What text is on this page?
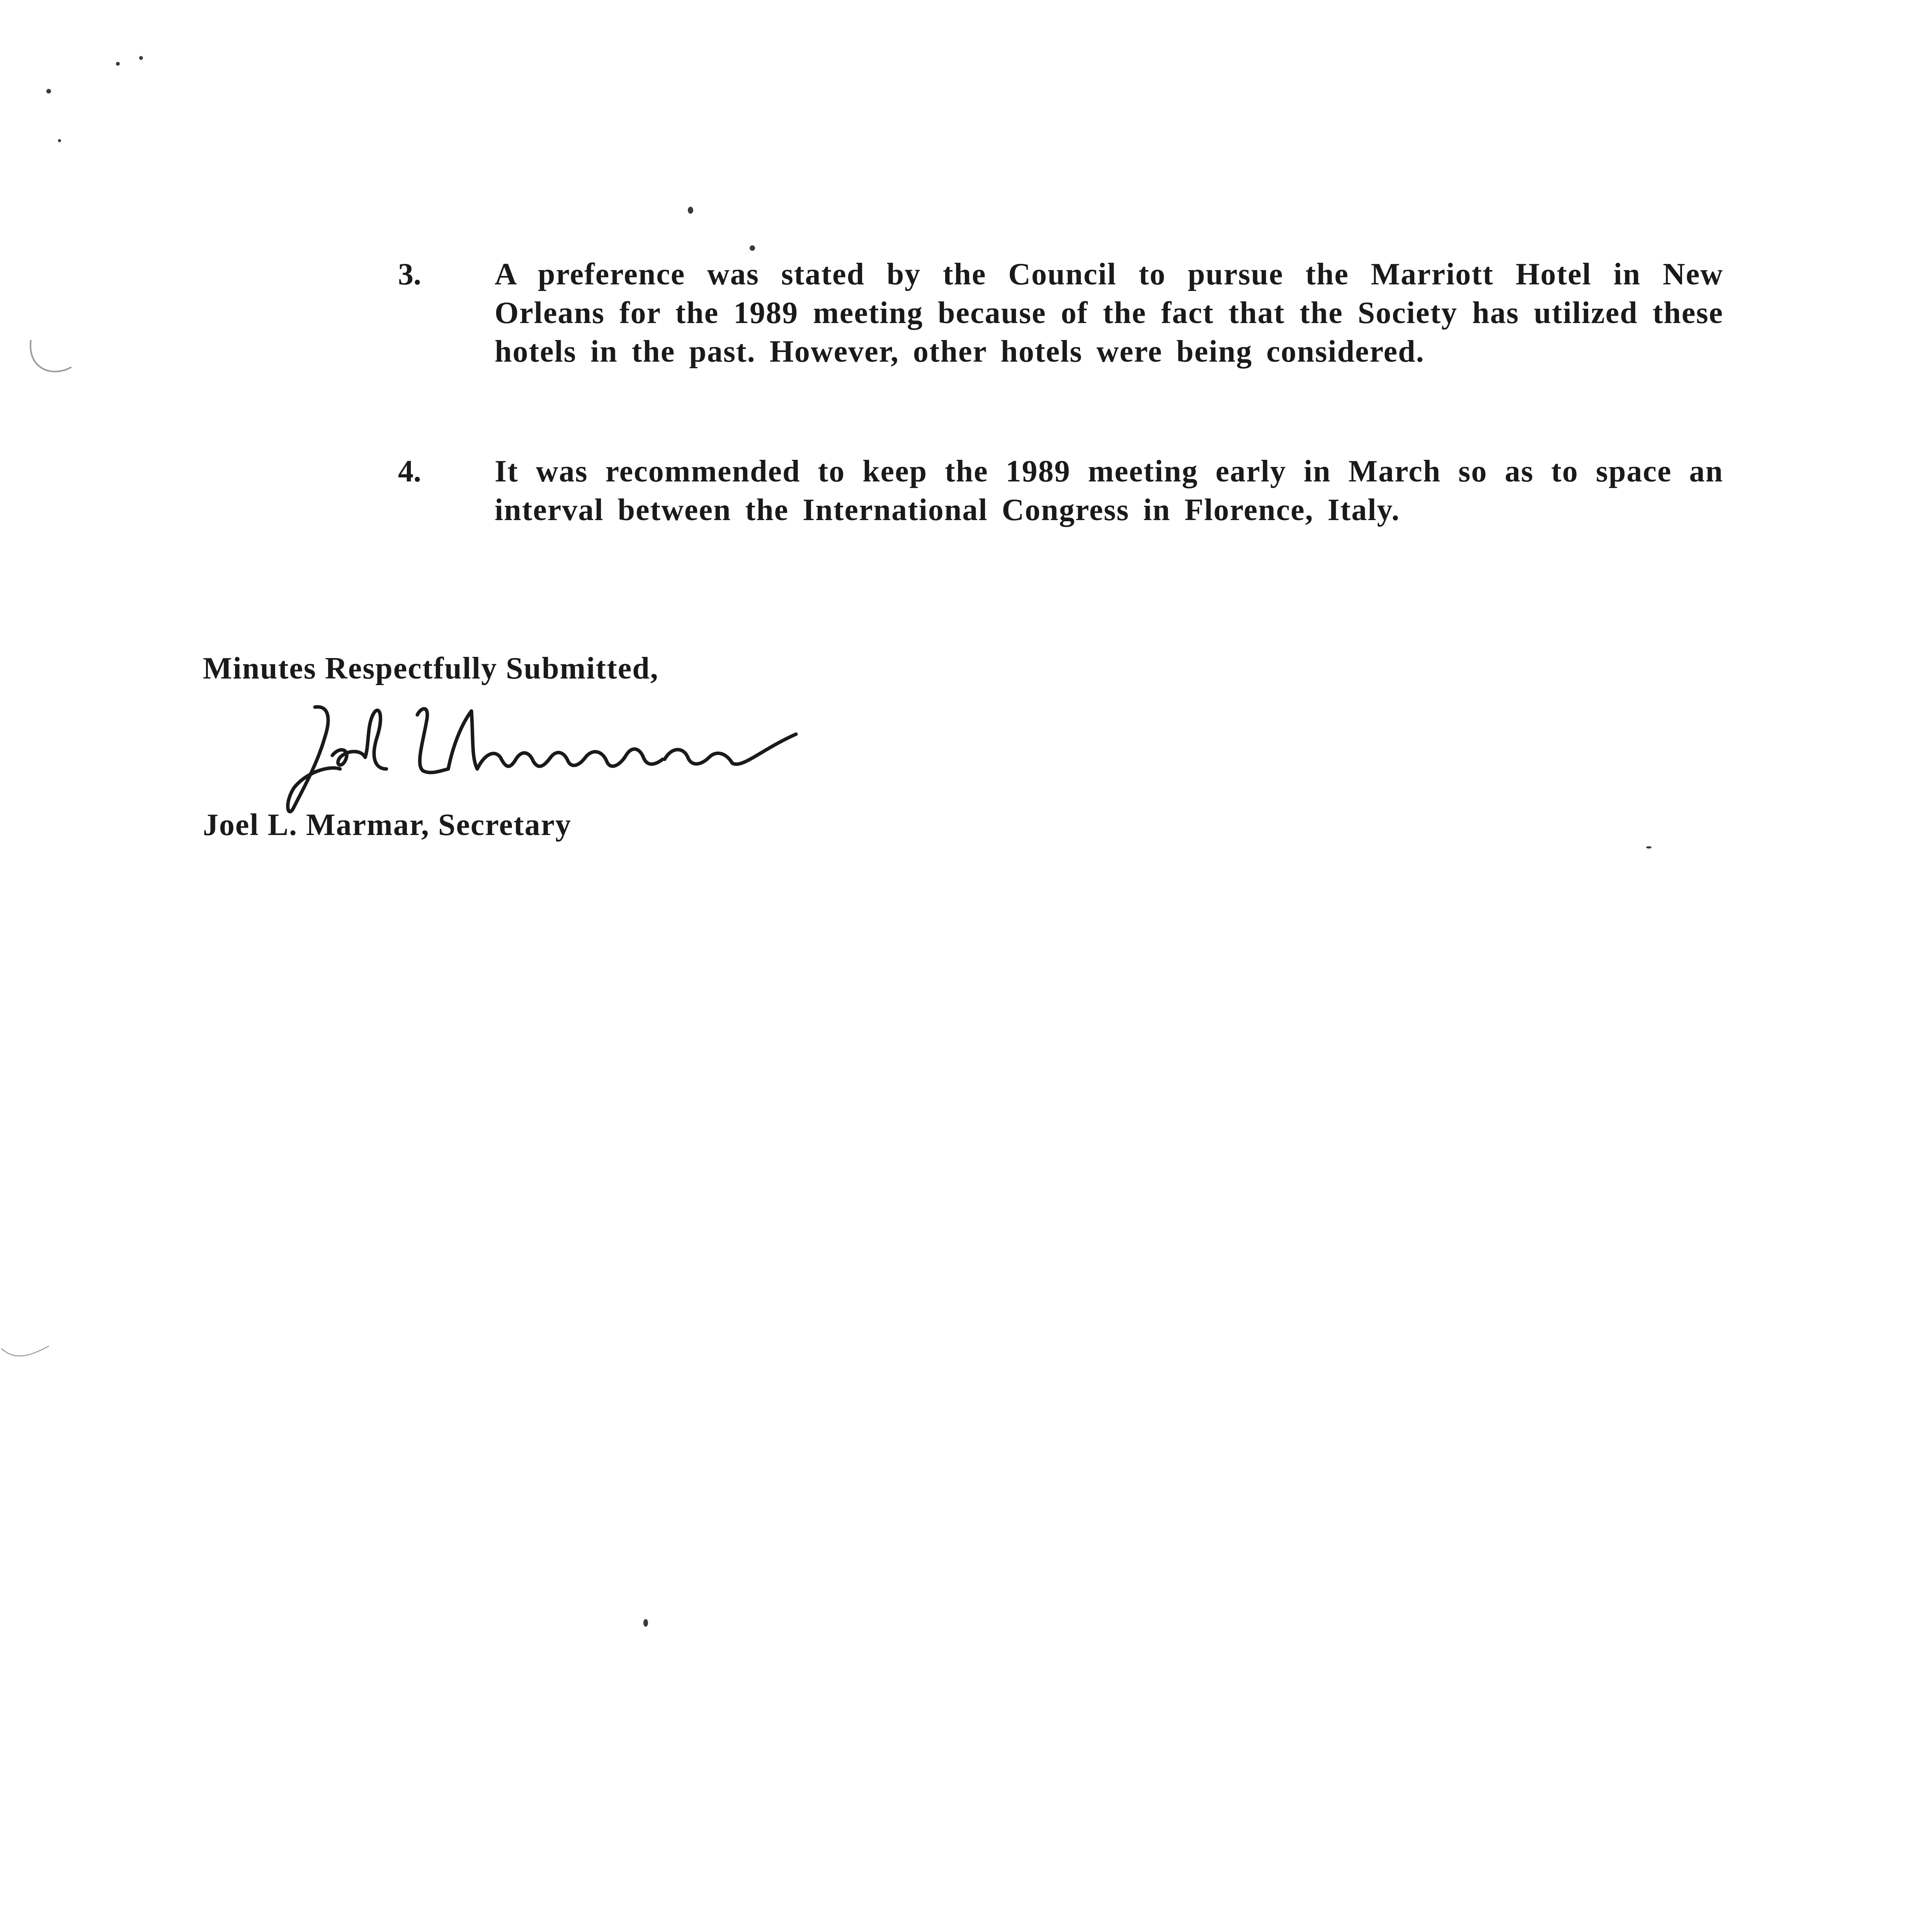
3. A preference was stated by the Council to pursue the Marriott Hotel in New Orleans for the 1989 meeting because of the fact that the Society has utilized these hotels in the past. However, other hotels were being considered.

4. It was recommended to keep the 1989 meeting early in March so as to space an interval between the International Congress in Florence, Italy.

Minutes Respectfully Submitted,
Joel L. Marmar, Secretary
